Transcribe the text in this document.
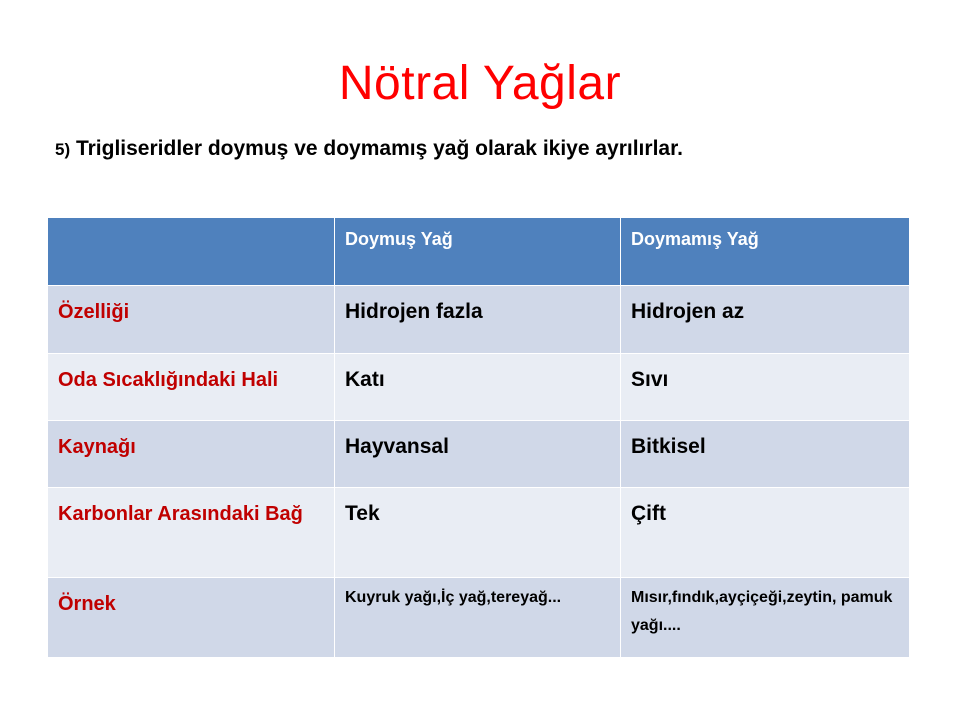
Nötral Yağlar
5) Trigliseridler doymuş ve doymamış yağ olarak ikiye ayrılırlar.
	Doymuş Yağ	Doymamış Yağ
Özelliği	Hidrojen fazla	Hidrojen az
Oda Sıcaklığındaki Hali	Katı	Sıvı
Kaynağı	Hayvansal	Bitkisel
Karbonlar Arasındaki Bağ	Tek	Çift
Örnek	Kuyruk yağı,İç yağ,tereyağ...	Mısır,fındık,ayçiçeği,zeytin, pamuk yağı....
